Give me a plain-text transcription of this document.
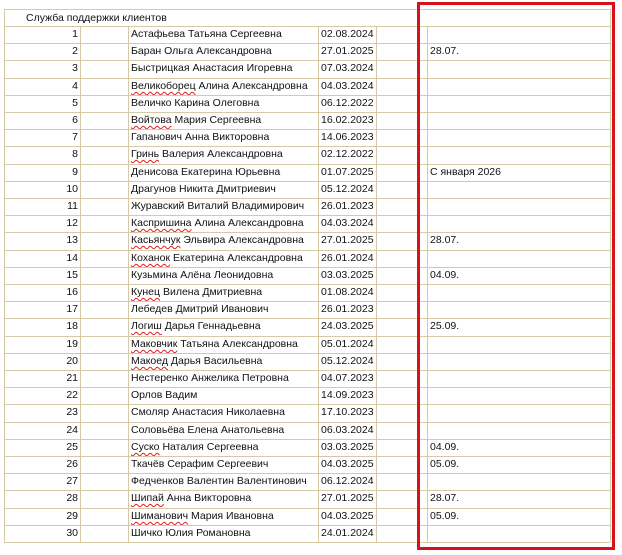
Служба поддержки клиентов
1	Астафьева Татьяна Сергеевна	02.08.2024
2	Баран Ольга Александровна	27.01.2025	28.07.
3	Быстрицкая Анастасия Игоревна	07.03.2024
4	Великоборец Алина Александровна	04.03.2024
5	Величко Карина Олеговна	06.12.2022
6	Войтова Мария Сергеевна	16.02.2023
7	Гапанович Анна Викторовна	14.06.2023
8	Гринь Валерия Александровна	02.12.2022
9	Денисова Екатерина Юрьевна	01.07.2025	С января 2026
10	Драгунов Никита Дмитриевич	05.12.2024
11	Журавский Виталий Владимирович	26.01.2023
12	Каспришина Алина Александровна	04.03.2024
13	Касьянчук Эльвира Александровна	27.01.2025	28.07.
14	Коханок Екатерина Александровна	26.01.2024
15	Кузьмина Алёна Леонидовна	03.03.2025	04.09.
16	Кунец Вилена Дмитриевна	01.08.2024
17	Лебедев Дмитрий Иванович	26.01.2023
18	Логиш Дарья Геннадьевна	24.03.2025	25.09.
19	Маковчик Татьяна Александровна	05.01.2024
20	Макоед Дарья Васильевна	05.12.2024
21	Нестеренко Анжелика Петровна	04.07.2023
22	Орлов Вадим	14.09.2023
23	Смоляр Анастасия Николаевна	17.10.2023
24	Соловьёва Елена Анатольевна	06.03.2024
25	Суско Наталия Сергеевна	03.03.2025	04.09.
26	Ткачёв Серафим Сергеевич	04.03.2025	05.09.
27	Федченков Валентин Валентинович	06.12.2024
28	Шипай Анна Викторовна	27.01.2025	28.07.
29	Шиманович Мария Ивановна	04.03.2025	05.09.
30	Шичко Юлия Романовна	24.01.2024
